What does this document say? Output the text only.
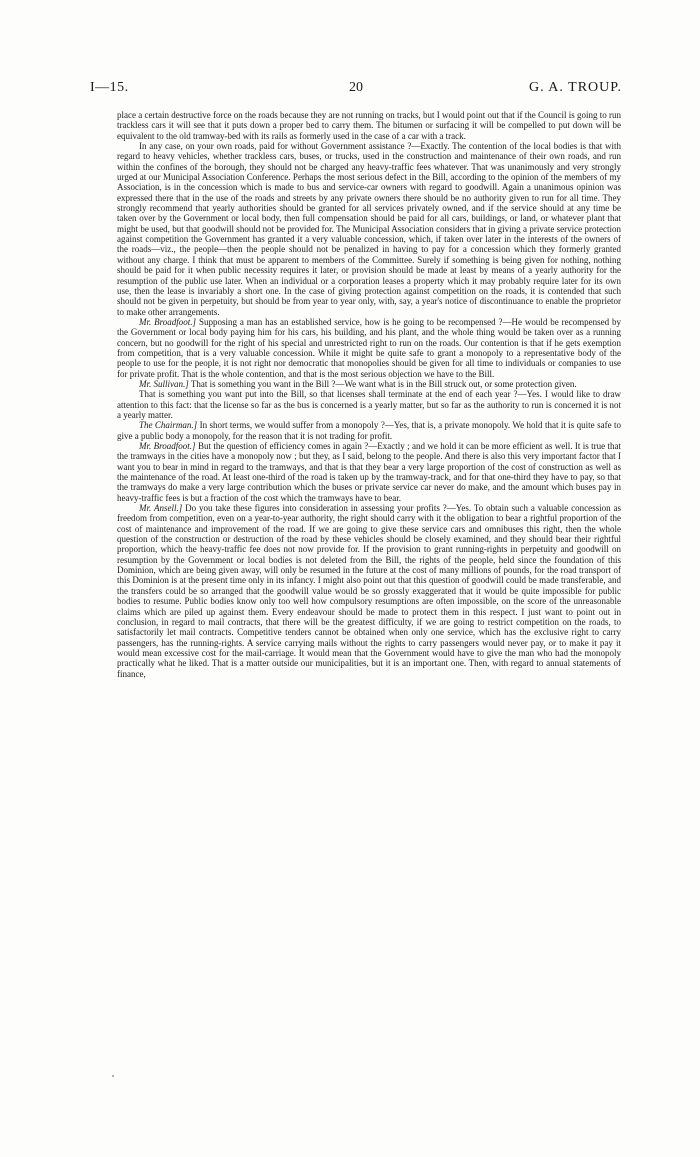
I—15.	20	G. A. TROUP.

place a certain destructive force on the roads because they are not running on tracks, but I would point out that if the Council is going to run trackless cars it will see that it puts down a proper bed to carry them. The bitumen or surfacing it will be compelled to put down will be equivalent to the old tramway-bed with its rails as formerly used in the case of a car with a track.

In any case, on your own roads, paid for without Government assistance ?—Exactly. The contention of the local bodies is that with regard to heavy vehicles, whether trackless cars, buses, or trucks, used in the construction and maintenance of their own roads, and run within the confines of the borough, they should not be charged any heavy-traffic fees whatever. That was unanimously and very strongly urged at our Municipal Association Conference. Perhaps the most serious defect in the Bill, according to the opinion of the members of my Association, is in the concession which is made to bus and service-car owners with regard to goodwill. Again a unanimous opinion was expressed there that in the use of the roads and streets by any private owners there should be no authority given to run for all time. They strongly recommend that yearly authorities should be granted for all services privately owned, and if the service should at any time be taken over by the Government or local body, then full compensation should be paid for all cars, buildings, or land, or whatever plant that might be used, but that goodwill should not be provided for. The Municipal Association considers that in giving a private service protection against competition the Government has granted it a very valuable concession, which, if taken over later in the interests of the owners of the roads—viz., the people—then the people should not be penalized in having to pay for a concession which they formerly granted without any charge. I think that must be apparent to members of the Committee. Surely if something is being given for nothing, nothing should be paid for it when public necessity requires it later, or provision should be made at least by means of a yearly authority for the resumption of the public use later. When an individual or a corporation leases a property which it may probably require later for its own use, then the lease is invariably a short one. In the case of giving protection against competition on the roads, it is contended that such should not be given in perpetuity, but should be from year to year only, with, say, a year's notice of discontinuance to enable the proprietor to make other arrangements.

Mr. Broadfoot.] Supposing a man has an established service, how is he going to be recompensed ?—He would be recompensed by the Government or local body paying him for his cars, his building, and his plant, and the whole thing would be taken over as a running concern, but no goodwill for the right of his special and unrestricted right to run on the roads. Our contention is that if he gets exemption from competition, that is a very valuable concession. While it might be quite safe to grant a monopoly to a representative body of the people to use for the people, it is not right nor democratic that monopolies should be given for all time to individuals or companies to use for private profit. That is the whole contention, and that is the most serious objection we have to the Bill.

Mr. Sullivan.] That is something you want in the Bill ?—We want what is in the Bill struck out, or some protection given.

That is something you want put into the Bill, so that licenses shall terminate at the end of each year ?—Yes. I would like to draw attention to this fact: that the license so far as the bus is concerned is a yearly matter, but so far as the authority to run is concerned it is not a yearly matter.

The Chairman.] In short terms, we would suffer from a monopoly ?—Yes, that is, a private monopoly. We hold that it is quite safe to give a public body a monopoly, for the reason that it is not trading for profit.

Mr. Broadfoot.] But the question of efficiency comes in again ?—Exactly ; and we hold it can be more efficient as well. It is true that the tramways in the cities have a monopoly now ; but they, as I said, belong to the people. And there is also this very important factor that I want you to bear in mind in regard to the tramways, and that is that they bear a very large proportion of the cost of construction as well as the maintenance of the road. At least one-third of the road is taken up by the tramway-track, and for that one-third they have to pay, so that the tramways do make a very large contribution which the buses or private service car never do make, and the amount which buses pay in heavy-traffic fees is but a fraction of the cost which the tramways have to bear.

Mr. Ansell.] Do you take these figures into consideration in assessing your profits ?—Yes. To obtain such a valuable concession as freedom from competition, even on a year-to-year authority, the right should carry with it the obligation to bear a rightful proportion of the cost of maintenance and improvement of the road. If we are going to give these service cars and omnibuses this right, then the whole question of the construction or destruction of the road by these vehicles should be closely examined, and they should bear their rightful proportion, which the heavy-traffic fee does not now provide for. If the provision to grant running-rights in perpetuity and goodwill on resumption by the Government or local bodies is not deleted from the Bill, the rights of the people, held since the foundation of this Dominion, which are being given away, will only be resumed in the future at the cost of many millions of pounds, for the road transport of this Dominion is at the present time only in its infancy. I might also point out that this question of goodwill could be made transferable, and the transfers could be so arranged that the goodwill value would be so grossly exaggerated that it would be quite impossible for public bodies to resume. Public bodies know only too well how compulsory resumptions are often impossible, on the score of the unreasonable claims which are piled up against them. Every endeavour should be made to protect them in this respect. I just want to point out in conclusion, in regard to mail contracts, that there will be the greatest difficulty, if we are going to restrict competition on the roads, to satisfactorily let mail contracts. Competitive tenders cannot be obtained when only one service, which has the exclusive right to carry passengers, has the running-rights. A service carrying mails without the rights to carry passengers would never pay, or to make it pay it would mean excessive cost for the mail-carriage. It would mean that the Government would have to give the man who had the monopoly practically what he liked. That is a matter outside our municipalities, but it is an important one. Then, with regard to annual statements of finance,
